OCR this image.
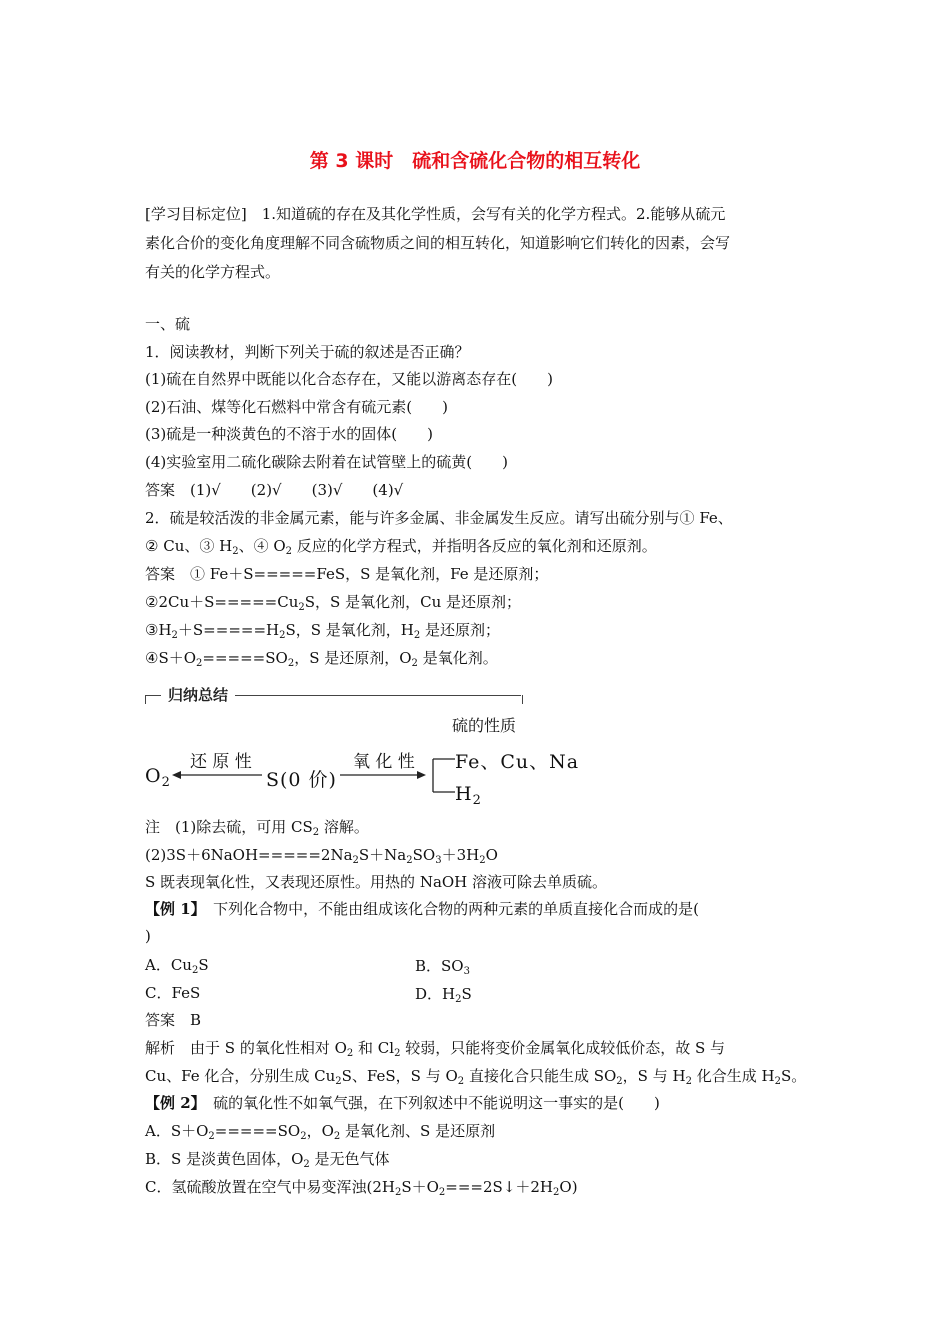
第 3 课时　硫和含硫化合物的相互转化
[学习目标定位]　1.知道硫的存在及其化学性质，会写有关的化学方程式。2.能够从硫元
素化合价的变化角度理解不同含硫物质之间的相互转化，知道影响它们转化的因素，会写
有关的化学方程式。
一、硫
1．阅读教材，判断下列关于硫的叙述是否正确？
(1)硫在自然界中既能以化合态存在，又能以游离态存在(　　)
(2)石油、煤等化石燃料中常含有硫元素(　　)
(3)硫是一种淡黄色的不溶于水的固体(　　)
(4)实验室用二硫化碳除去附着在试管壁上的硫黄(　　)
答案　(1)√　　(2)√　　(3)√　　(4)√
2．硫是较活泼的非金属元素，能与许多金属、非金属发生反应。请写出硫分别与① Fe、
② Cu、③ $H_2$、④ $O_2$ 反应的化学方程式，并指明各反应的氧化剂和还原剂。
答案　① Fe＋S=====FeS，S 是氧化剂，Fe 是还原剂；
$②2Cu+S=====Cu_2S$，S 是氧化剂，Cu 是还原剂；
$③H_2+S=====H_2S$，S 是氧化剂，$H_2$ 是还原剂；
$④S+O_2=====SO_2$，S 是还原剂，$O_2$ 是氧化剂。
归纳总结
硫的性质
$O_2$
还 原 性
S(0 价)
氧 化 性 Fe、Cu、Na
$H_2$
注　(1)除去硫，可用 $CS_2$ 溶解。
$(2)3S+6NaOH=====2Na_2S+Na_2SO_3+3H_2O$
S 既表现氧化性，又表现还原性。用热的 NaOH 溶液可除去单质硫。
【例 1】　下列化合物中，不能由组成该化合物的两种元素的单质直接化合而成的是(
)
A．$Cu_2S$	B．$SO_3$
C．FeS	D．$H_2S$
答案　B
解析　由于 S 的氧化性相对 $O_2$ 和 $Cl_2$ 较弱，只能将变价金属氧化成较低价态，故 S 与
Cu、Fe 化合，分别生成 $Cu_2S$、FeS，S 与 $O_2$ 直接化合只能生成 $SO_2$，S 与 $H_2$ 化合生成 $H_2S$。
【例 2】　硫的氧化性不如氧气强，在下列叙述中不能说明这一事实的是(　　)
A．$S+O_2=====SO_2$，$O_2$ 是氧化剂、S 是还原剂
B．S 是淡黄色固体，$O_2$ 是无色气体
C．氢硫酸放置在空气中易变浑浊$(2H_2S+O_2===2S↓+2H_2O)$
